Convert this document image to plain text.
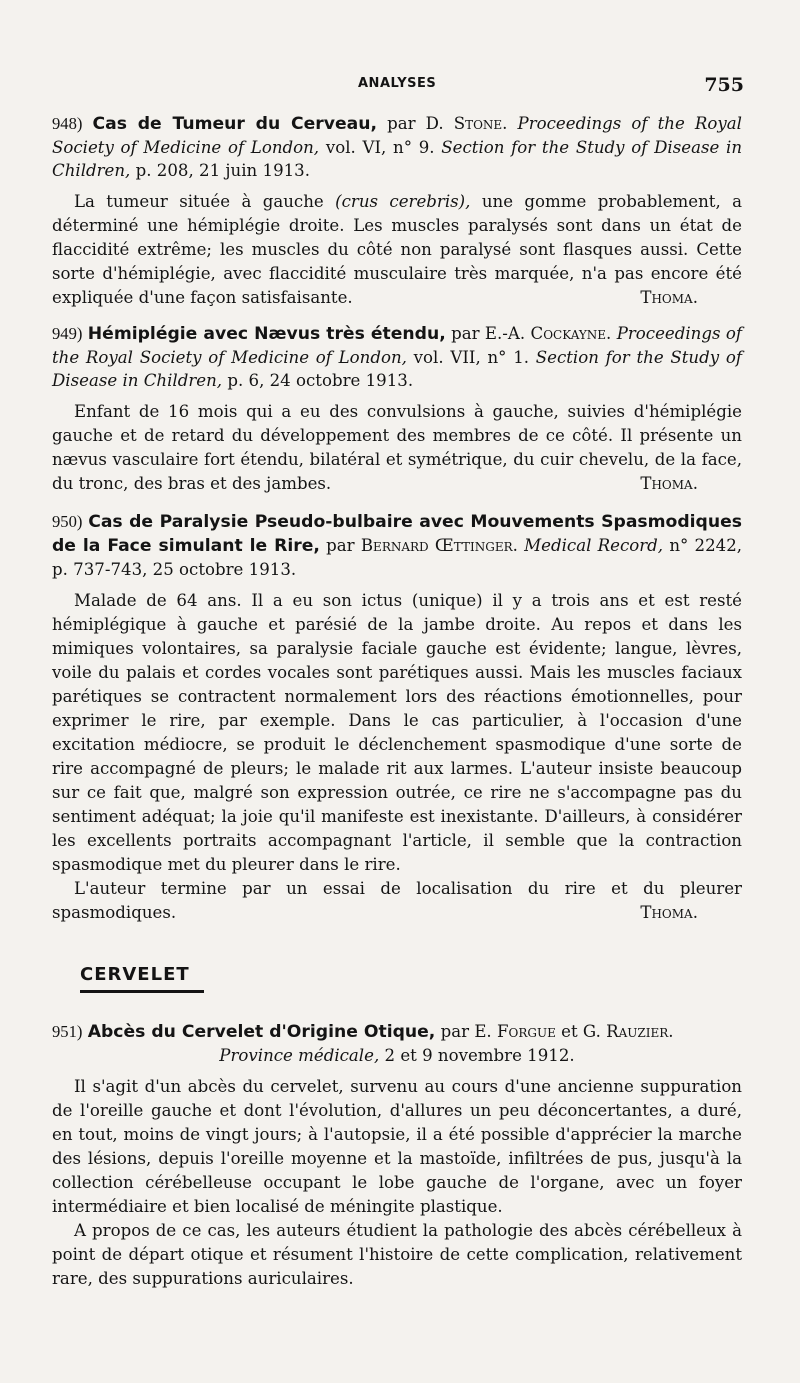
ANALYSES	755

948) Cas de Tumeur du Cerveau, par D. Stone. Proceedings of the Royal Society of Medicine of London, vol. VI, n° 9. Section for the Study of Disease in Children, p. 208, 21 juin 1913.

La tumeur située à gauche (crus cerebris), une gomme probablement, a déterminé une hémiplégie droite. Les muscles paralysés sont dans un état de flaccidité extrême; les muscles du côté non paralysé sont flasques aussi. Cette sorte d'hémiplégie, avec flaccidité musculaire très marquée, n'a pas encore été expliquée d'une façon satisfaisante.	Thoma.

949) Hémiplégie avec Nævus très étendu, par E.-A. Cockayne. Proceedings of the Royal Society of Medicine of London, vol. VII, n° 1. Section for the Study of Disease in Children, p. 6, 24 octobre 1913.

Enfant de 16 mois qui a eu des convulsions à gauche, suivies d'hémiplégie gauche et de retard du développement des membres de ce côté. Il présente un nævus vasculaire fort étendu, bilatéral et symétrique, du cuir chevelu, de la face, du tronc, des bras et des jambes.	Thoma.

950) Cas de Paralysie Pseudo-bulbaire avec Mouvements Spasmodiques de la Face simulant le Rire, par Bernard Œttinger. Medical Record, n° 2242, p. 737-743, 25 octobre 1913.

Malade de 64 ans. Il a eu son ictus (unique) il y a trois ans et est resté hémiplégique à gauche et parésié de la jambe droite. Au repos et dans les mimiques volontaires, sa paralysie faciale gauche est évidente; langue, lèvres, voile du palais et cordes vocales sont parétiques aussi. Mais les muscles faciaux parétiques se contractent normalement lors des réactions émotionnelles, pour exprimer le rire, par exemple. Dans le cas particulier, à l'occasion d'une excitation médiocre, se produit le déclenchement spasmodique d'une sorte de rire accompagné de pleurs; le malade rit aux larmes. L'auteur insiste beaucoup sur ce fait que, malgré son expression outrée, ce rire ne s'accompagne pas du sentiment adéquat; la joie qu'il manifeste est inexistante. D'ailleurs, à considérer les excellents portraits accompagnant l'article, il semble que la contraction spasmodique met du pleurer dans le rire.

L'auteur termine par un essai de localisation du rire et du pleurer spasmodiques.	Thoma.

CERVELET

951) Abcès du Cervelet d'Origine Otique, par E. Forgue et G. Rauzier.

Province médicale, 2 et 9 novembre 1912.

Il s'agit d'un abcès du cervelet, survenu au cours d'une ancienne suppuration de l'oreille gauche et dont l'évolution, d'allures un peu déconcertantes, a duré, en tout, moins de vingt jours; à l'autopsie, il a été possible d'apprécier la marche des lésions, depuis l'oreille moyenne et la mastoïde, infiltrées de pus, jusqu'à la collection cérébelleuse occupant le lobe gauche de l'organe, avec un foyer intermédiaire et bien localisé de méningite plastique.

A propos de ce cas, les auteurs étudient la pathologie des abcès cérébelleux à point de départ otique et résument l'histoire de cette complication, relativement rare, des suppurations auriculaires.
